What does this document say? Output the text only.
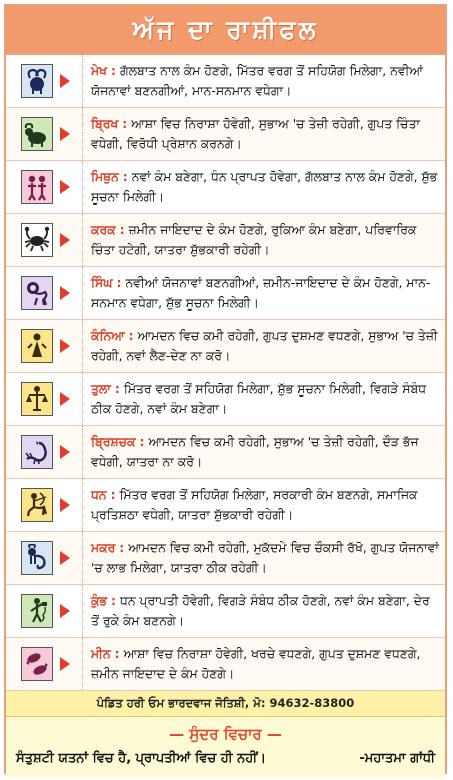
ਅੱਜ ਦਾ ਰਾਸ਼ੀਫਲ
ਮੇਖ : ਗੱਲਬਾਤ ਨਾਲ ਕੰਮ ਹੋਣਗੇ, ਮਿੱਤਰ ਵਰਗ ਤੋਂ ਸਹਿਯੋਗ ਮਿਲੇਗਾ, ਨਵੀਆਂ ਯੋਜਨਾਵਾਂ ਬਣਨਗੀਆਂ, ਮਾਨ-ਸਨਮਾਨ ਵਧੇਗਾ।
ਬ੍ਰਿਖ : ਆਸ਼ਾ ਵਿਚ ਨਿਰਾਸ਼ਾ ਹੋਵੇਗੀ, ਸੁਭਾਅ 'ਚ ਤੇਜ਼ੀ ਰਹੇਗੀ, ਗੁਪਤ ਚਿੰਤਾ ਵਧੇਗੀ, ਵਿਰੋਧੀ ਪ੍ਰੇਸ਼ਾਨ ਕਰਨਗੇ।
ਮਿਥੁਨ : ਨਵਾਂ ਕੰਮ ਬਣੇਗਾ, ਧੰਨ ਪ੍ਰਾਪਤ ਹੋਵੇਗਾ, ਗੱਲਬਾਤ ਨਾਲ ਕੰਮ ਹੋਣਗੇ, ਸ਼ੁੱਭ ਸੂਚਨਾ ਮਿਲੇਗੀ।
ਕਰਕ : ਜ਼ਮੀਨ ਜਾਇਦਾਦ ਦੇ ਕੰਮ ਹੋਣਗੇ, ਰੁਕਿਆ ਕੰਮ ਬਣੇਗਾ, ਪਰਿਵਾਰਿਕ ਚਿੰਤਾ ਹਟੇਗੀ, ਯਾਤਰਾ ਸ਼ੁੱਭਕਾਰੀ ਰਹੇਗੀ।
ਸਿੰਘ : ਨਵੀਆਂ ਯੋਜਨਾਵਾਂ ਬਣਨਗੀਆਂ, ਜ਼ਮੀਨ-ਜਾਇਦਾਦ ਦੇ ਕੰਮ ਹੋਣਗੇ, ਮਾਨ-ਸਨਮਾਨ ਵਧੇਗਾ, ਸ਼ੁੱਭ ਸੂਚਨਾ ਮਿਲੇਗੀ।
ਕੰਨਿਆ : ਆਮਦਨ ਵਿਚ ਕਮੀ ਰਹੇਗੀ, ਗੁਪਤ ਦੁਸ਼ਮਣ ਵਧਣਗੇ, ਸੁਭਾਅ 'ਚ ਤੇਜ਼ੀ ਰਹੇਗੀ, ਨਵਾਂ ਲੈਣ-ਦੇਣ ਨਾ ਕਰੋ।
ਤੁਲਾ : ਮਿੱਤਰ ਵਰਗ ਤੋਂ ਸਹਿਯੋਗ ਮਿਲੇਗਾ, ਸ਼ੁੱਭ ਸੂਚਨਾ ਮਿਲੇਗੀ, ਵਿਗੜੇ ਸੰਬੰਧ ਠੀਕ ਹੋਣਗੇ, ਨਵਾਂ ਕੰਮ ਬਣੇਗਾ।
ਬ੍ਰਿਸ਼ਚਕ : ਆਮਦਨ ਵਿਚ ਕਮੀ ਰਹੇਗੀ, ਸੁਭਾਅ 'ਚ ਤੇਜ਼ੀ ਰਹੇਗੀ, ਦੌੜ ਭੱਜ ਵਧੇਗੀ, ਯਾਤਰਾ ਨਾ ਕਰੋ।
ਧਨ : ਮਿੱਤਰ ਵਰਗ ਤੋਂ ਸਹਿਯੋਗ ਮਿਲੇਗਾ, ਸਰਕਾਰੀ ਕੰਮ ਬਣਨਗੇ, ਸਮਾਜਿਕ ਪ੍ਰਤਿਸ਼ਠਾ ਵਧੇਗੀ, ਯਾਤਰਾ ਸ਼ੁੱਭਕਾਰੀ ਰਹੇਗੀ।
ਮਕਰ : ਆਮਦਨ ਵਿਚ ਕਮੀ ਰਹੇਗੀ, ਮੁਕੱਦਮੇ ਵਿਚ ਚੌਕਸੀ ਰੱਖੋ, ਗੁਪਤ ਯੋਜਨਾਵਾਂ 'ਚ ਲਾਭ ਮਿਲੇਗਾ, ਯਾਤਰਾ ਠੀਕ ਰਹੇਗੀ।
ਕੁੰਭ : ਧਨ ਪ੍ਰਾਪਤੀ ਹੋਵੇਗੀ, ਵਿਗੜੇ ਸੰਬੰਧ ਠੀਕ ਹੋਣਗੇ, ਨਵਾਂ ਕੰਮ ਬਣੇਗਾ, ਦੇਰ ਤੋਂ ਰੁਕੇ ਕੰਮ ਬਣਨਗੇ।
ਮੀਨ : ਆਸ਼ਾ ਵਿਚ ਨਿਰਾਸ਼ਾ ਹੋਵੇਗੀ, ਖਰਚੇ ਵਧਣਗੇ, ਗੁਪਤ ਦੁਸ਼ਮਣ ਵਧਣਗੇ, ਜ਼ਮੀਨ ਜਾਇਦਾਦ ਦੇ ਕੰਮ ਹੋਣਗੇ।
ਪੰਡਿਤ ਹਰੀ ਓਮ ਭਾਰਦਵਾਜ ਜੋਤਿਸ਼ੀ, ਮੋ: 94632-83800
— ਸੁੰਦਰ ਵਿਚਾਰ —
ਸੰਤੁਸ਼ਟੀ ਯਤਨਾਂ ਵਿਚ ਹੈ, ਪ੍ਰਾਪਤੀਆਂ ਵਿਚ ਹੀ ਨਹੀਂ।	-ਮਹਾਤਮਾ ਗਾਂਧੀ
